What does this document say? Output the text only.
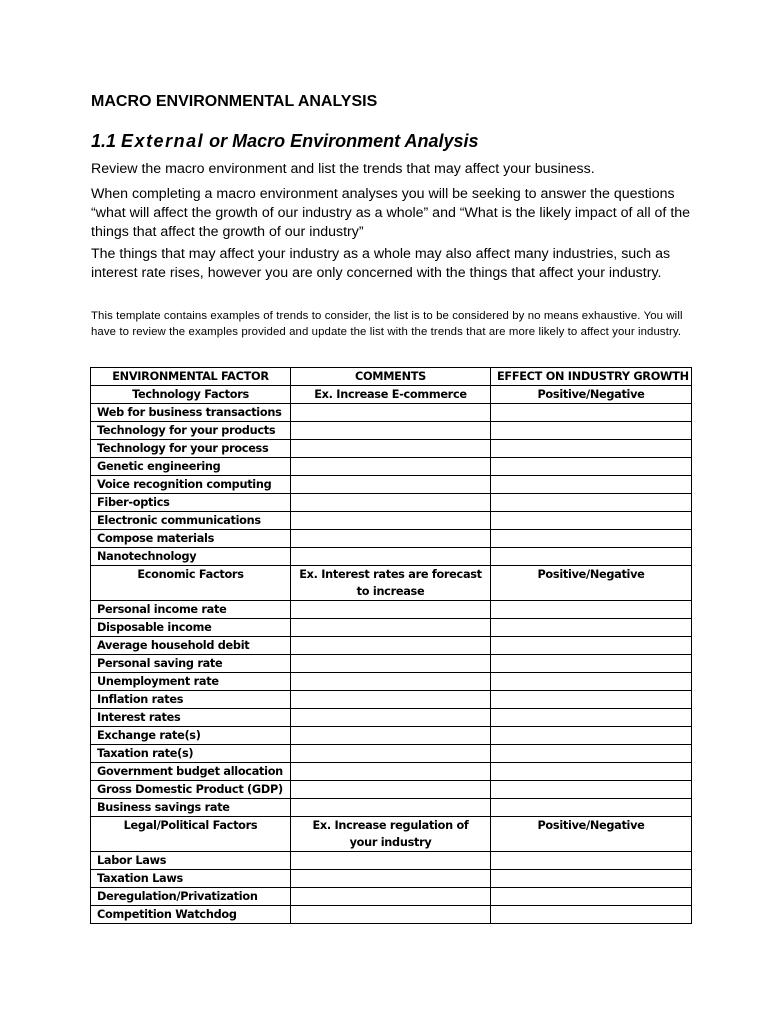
MACRO ENVIRONMENTAL ANALYSIS
1.1 External or Macro Environment Analysis

Review the macro environment and list the trends that may affect your business.

When completing a macro environment analyses you will be seeking to answer the questions “what will affect the growth of our industry as a whole” and “What is the likely impact of all of the things that affect the growth of our industry”

The things that may affect your industry as a whole may also affect many industries, such as interest rate rises, however you are only concerned with the things that affect your industry.

This template contains examples of trends to consider, the list is to be considered by no means exhaustive. You will have to review the examples provided and update the list with the trends that are more likely to affect your industry.

ENVIRONMENTAL FACTOR	COMMENTS	EFFECT ON INDUSTRY GROWTH
Technology Factors	Ex. Increase E-commerce	Positive/Negative
Web for business transactions		
Technology for your products		
Technology for your process		
Genetic engineering		
Voice recognition computing		
Fiber-optics		
Electronic communications		
Compose materials		
Nanotechnology		
Economic Factors	Ex. Interest rates are forecast to increase	Positive/Negative
Personal income rate		
Disposable income		
Average household debit		
Personal saving rate		
Unemployment rate		
Inflation rates		
Interest rates		
Exchange rate(s)		
Taxation rate(s)		
Government budget allocation		
Gross Domestic Product (GDP)		
Business savings rate		
Legal/Political Factors	Ex. Increase regulation of your industry	Positive/Negative
Labor Laws		
Taxation Laws		
Deregulation/Privatization		
Competition Watchdog		
